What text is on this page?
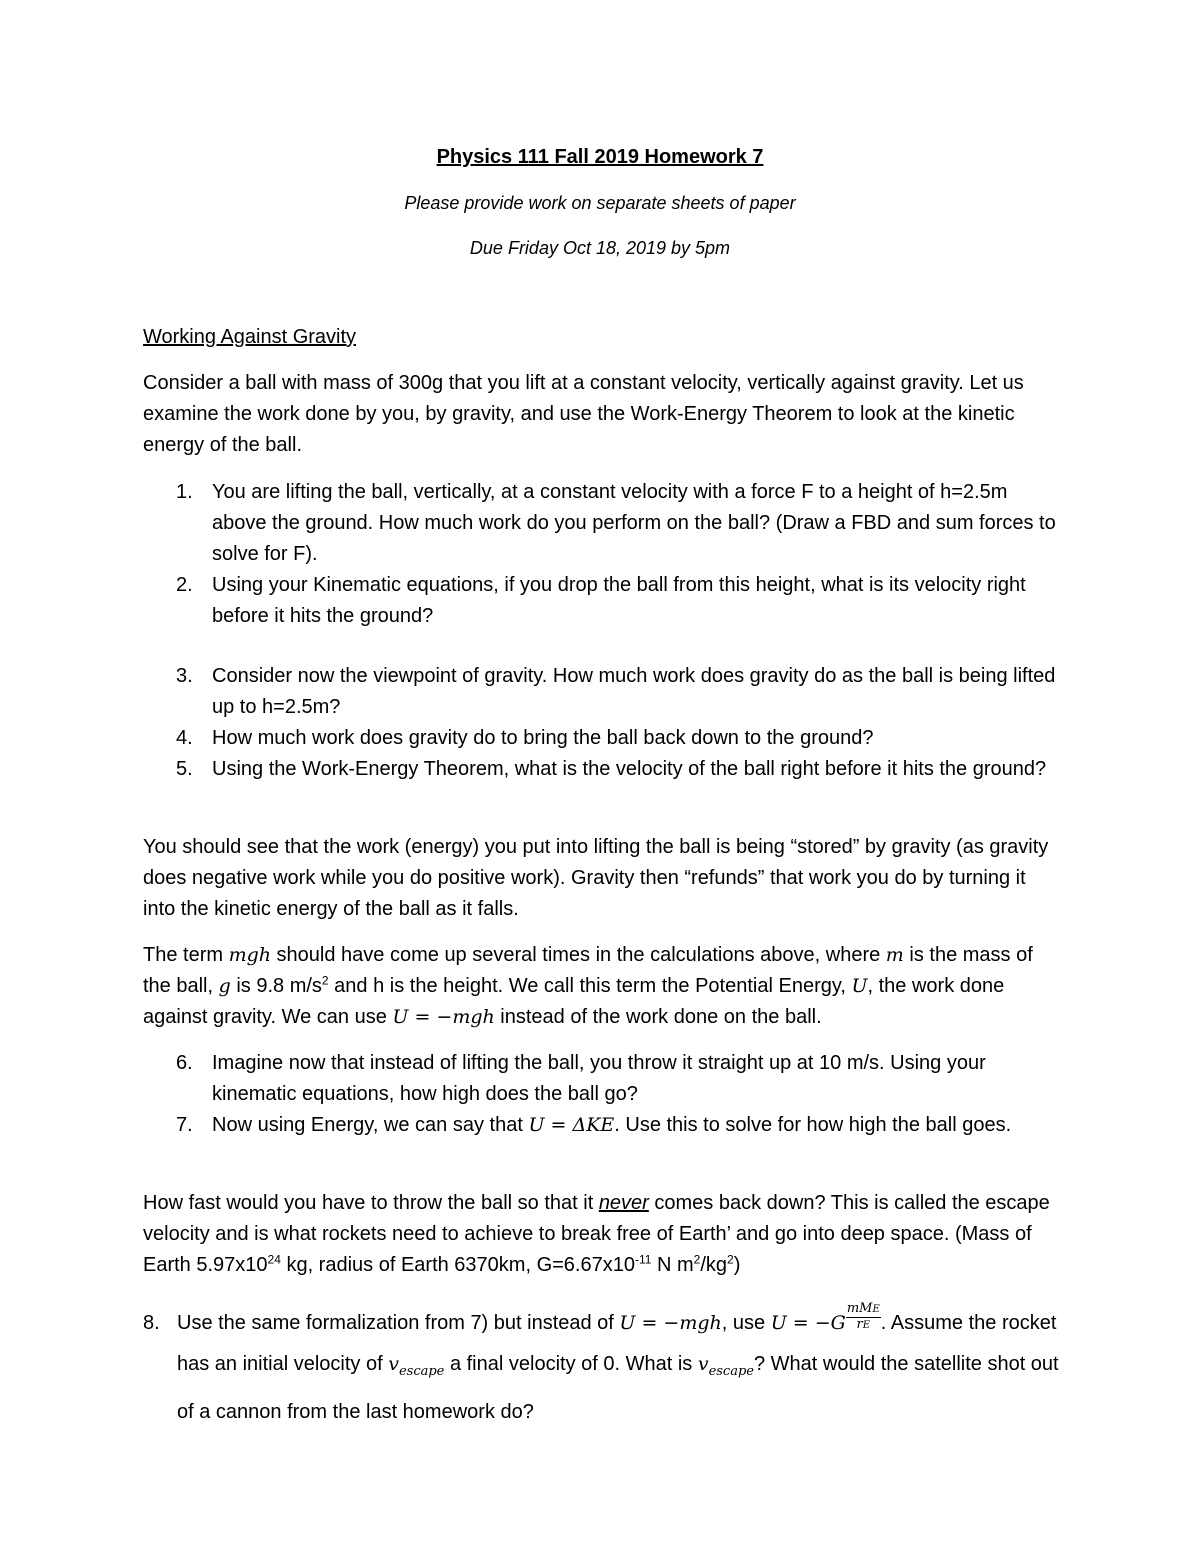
Physics 111 Fall 2019 Homework 7
Please provide work on separate sheets of paper
Due Friday Oct 18, 2019 by 5pm
Working Against Gravity

Consider a ball with mass of 300g that you lift at a constant velocity, vertically against gravity. Let us examine the work done by you, by gravity, and use the Work-Energy Theorem to look at the kinetic energy of the ball.

1. You are lifting the ball, vertically, at a constant velocity with a force F to a height of h=2.5m above the ground. How much work do you perform on the ball? (Draw a FBD and sum forces to solve for F).
2. Using your Kinematic equations, if you drop the ball from this height, what is its velocity right before it hits the ground?
3. Consider now the viewpoint of gravity. How much work does gravity do as the ball is being lifted up to h=2.5m?
4. How much work does gravity do to bring the ball back down to the ground?
5. Using the Work-Energy Theorem, what is the velocity of the ball right before it hits the ground?

You should see that the work (energy) you put into lifting the ball is being “stored” by gravity (as gravity does negative work while you do positive work). Gravity then “refunds” that work you do by turning it into the kinetic energy of the ball as it falls.

The term mgh should have come up several times in the calculations above, where m is the mass of the ball, g is 9.8 $m/s^2$ and h is the height. We call this term the Potential Energy, U, the work done against gravity. We can use U = −mgh instead of the work done on the ball.

6. Imagine now that instead of lifting the ball, you throw it straight up at 10 m/s. Using your kinematic equations, how high does the ball go?
7. Now using Energy, we can say that U = ΔKE. Use this to solve for how high the ball goes.

How fast would you have to throw the ball so that it never comes back down? This is called the escape velocity and is what rockets need to achieve to break free of Earth’ and go into deep space. (Mass of Earth $5.97x10^{24}$ kg, radius of Earth 6370km, $G=6.67x10^{-11}$ N $m^2/kg^2$)

8. Use the same formalization from 7) but instead of U = −mgh, use $U = -G \frac{\text{mME}}{rE}$ . Assume the rocket has an initial velocity of $v_{escape}$ a final velocity of 0. What is $v_{escape}$? What would the satellite shot out of a cannon from the last homework do?
